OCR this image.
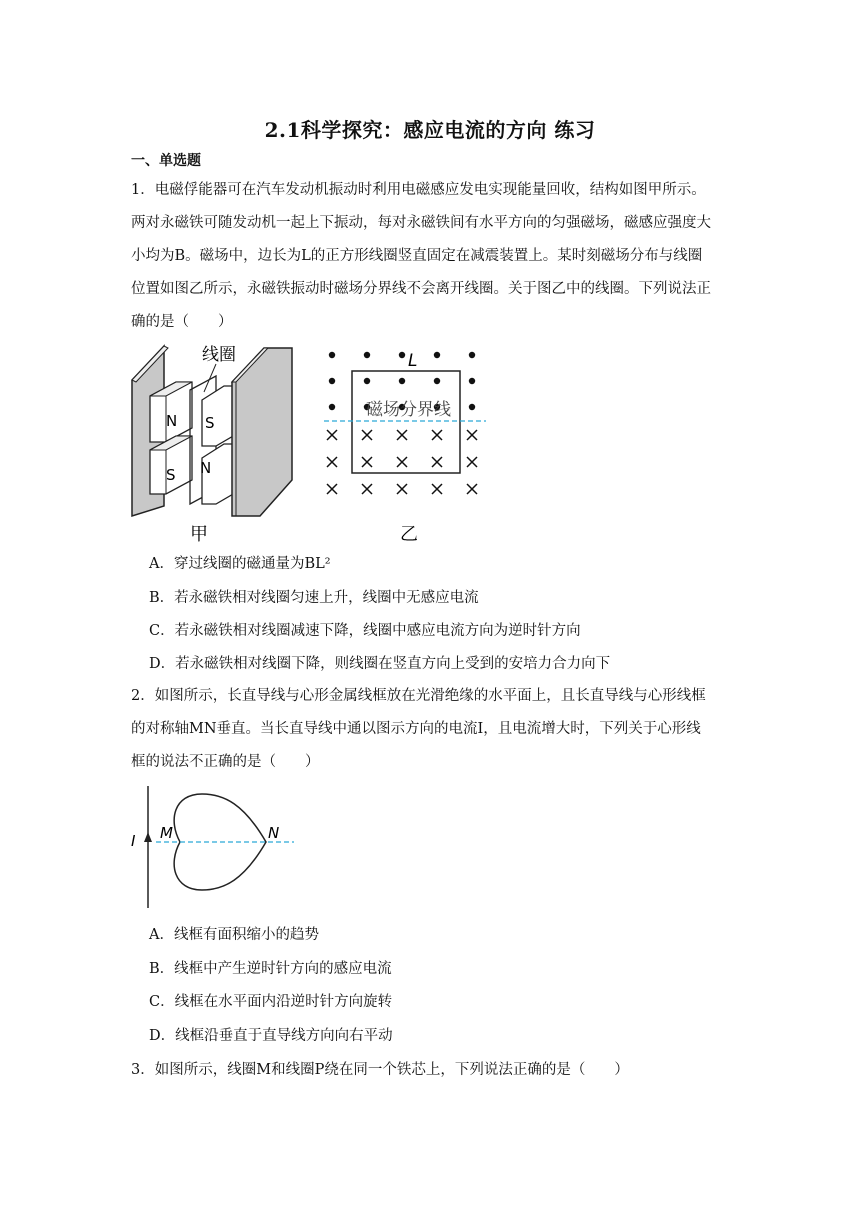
2.1科学探究：感应电流的方向 练习
一、单选题
1．电磁俘能器可在汽车发动机振动时利用电磁感应发电实现能量回收，结构如图甲所示。
两对永磁铁可随发动机一起上下振动，每对永磁铁间有水平方向的匀强磁场，磁感应强度大
小均为B。磁场中，边长为L的正方形线圈竖直固定在减震装置上。某时刻磁场分布与线圈
位置如图乙所示，永磁铁振动时磁场分界线不会离开线圈。关于图乙中的线圈。下列说法正
确的是（　　）
N
S
S
N
线圈
甲
磁场分界线
L
乙
A．穿过线圈的磁通量为BL²
B．若永磁铁相对线圈匀速上升，线圈中无感应电流
C．若永磁铁相对线圈减速下降，线圈中感应电流方向为逆时针方向
D．若永磁铁相对线圈下降，则线圈在竖直方向上受到的安培力合力向下
2．如图所示，长直导线与心形金属线框放在光滑绝缘的水平面上，且长直导线与心形线框
的对称轴MN垂直。当长直导线中通以图示方向的电流I，且电流增大时，下列关于心形线
框的说法不正确的是（　　）
I M	N
A．线框有面积缩小的趋势
B．线框中产生逆时针方向的感应电流
C．线框在水平面内沿逆时针方向旋转
D．线框沿垂直于直导线方向向右平动
3．如图所示，线圈M和线圈P绕在同一个铁芯上，下列说法正确的是（　　）
